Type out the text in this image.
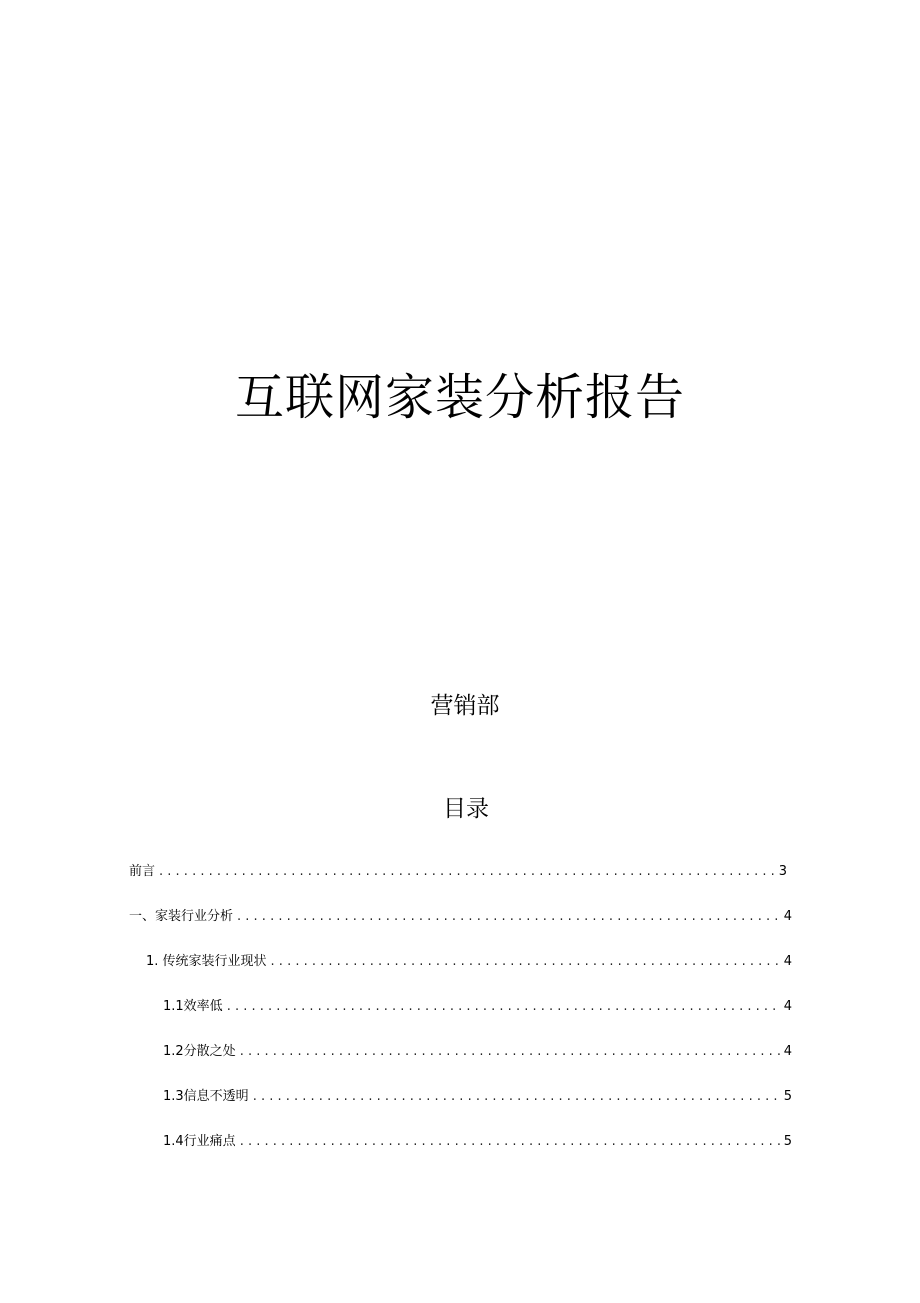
互联网家装分析报告
营销部
目录
前言 . . .	3
一、家装行业分析 . . .	4
1. 传统家装行业现状 . . .	4
1.1效率低 . . .	4
1.2分散之处 . . .	4
1.3信息不透明 . . .	5
1.4行业痛点 . . .	5
